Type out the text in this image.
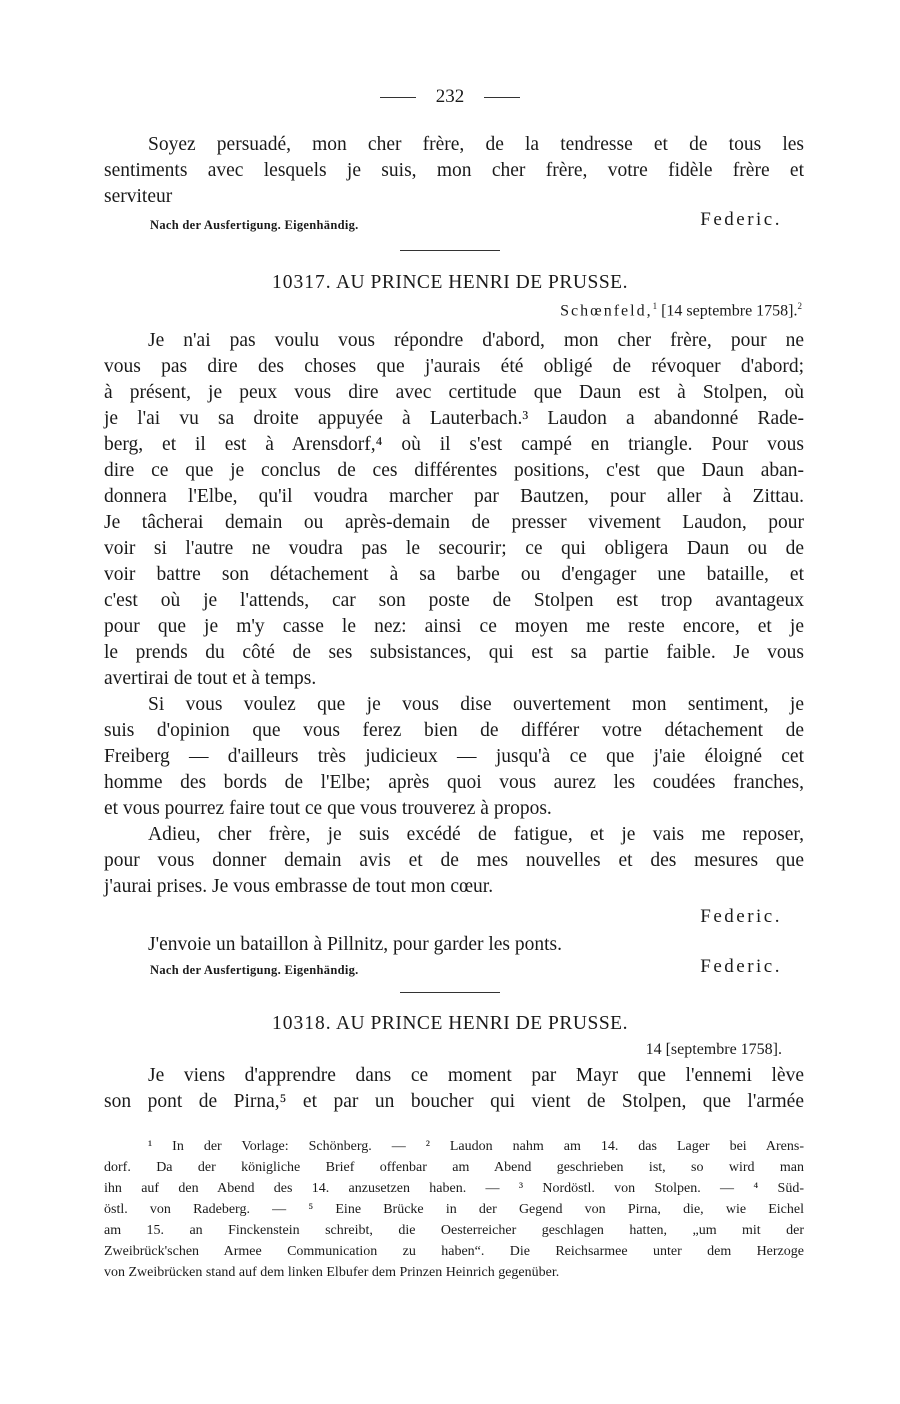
232
Soyez persuadé, mon cher frère, de la tendresse et de tous les
sentiments avec lesquels je suis, mon cher frère, votre fidèle frère et
serviteur
Nach der Ausfertigung. Eigenhändig.	Federic.
10317. AU PRINCE HENRI DE PRUSSE.
Schœnfeld,$^1$ [14 septembre 1758].$^2$
Je n'ai pas voulu vous répondre d'abord, mon cher frère, pour ne
vous pas dire des choses que j'aurais été obligé de révoquer d'abord;
à présent, je peux vous dire avec certitude que Daun est à Stolpen, où
je l'ai vu sa droite appuyée à Lauterbach.³ Laudon a abandonné Rade-
berg, et il est à Arensdorf,⁴ où il s'est campé en triangle. Pour vous
dire ce que je conclus de ces différentes positions, c'est que Daun aban-
donnera l'Elbe, qu'il voudra marcher par Bautzen, pour aller à Zittau.
Je tâcherai demain ou après-demain de presser vivement Laudon, pour
voir si l'autre ne voudra pas le secourir; ce qui obligera Daun ou de
voir battre son détachement à sa barbe ou d'engager une bataille, et
c'est où je l'attends, car son poste de Stolpen est trop avantageux
pour que je m'y casse le nez: ainsi ce moyen me reste encore, et je
le prends du côté de ses subsistances, qui est sa partie faible. Je vous
avertirai de tout et à temps.
Si vous voulez que je vous dise ouvertement mon sentiment, je
suis d'opinion que vous ferez bien de différer votre détachement de
Freiberg — d'ailleurs très judicieux — jusqu'à ce que j'aie éloigné cet
homme des bords de l'Elbe; après quoi vous aurez les coudées franches,
et vous pourrez faire tout ce que vous trouverez à propos.
Adieu, cher frère, je suis excédé de fatigue, et je vais me reposer,
pour vous donner demain avis et de mes nouvelles et des mesures que
j'aurai prises. Je vous embrasse de tout mon cœur.
Federic.
J'envoie un bataillon à Pillnitz, pour garder les ponts.
Nach der Ausfertigung. Eigenhändig.	Federic.
10318. AU PRINCE HENRI DE PRUSSE.
14 [septembre 1758].
Je viens d'apprendre dans ce moment par Mayr que l'ennemi lève
son pont de Pirna,⁵ et par un boucher qui vient de Stolpen, que l'armée
¹ In der Vorlage: Schönberg. — ² Laudon nahm am 14. das Lager bei Arens-
dorf. Da der königliche Brief offenbar am Abend geschrieben ist, so wird man
ihn auf den Abend des 14. anzusetzen haben. — ³ Nordöstl. von Stolpen. — ⁴ Süd-
östl. von Radeberg. — ⁵ Eine Brücke in der Gegend von Pirna, die, wie Eichel
am 15. an Finckenstein schreibt, die Oesterreicher geschlagen hatten, „um mit der
Zweibrück'schen Armee Communication zu haben“. Die Reichsarmee unter dem Herzoge
von Zweibrücken stand auf dem linken Elbufer dem Prinzen Heinrich gegenüber.
